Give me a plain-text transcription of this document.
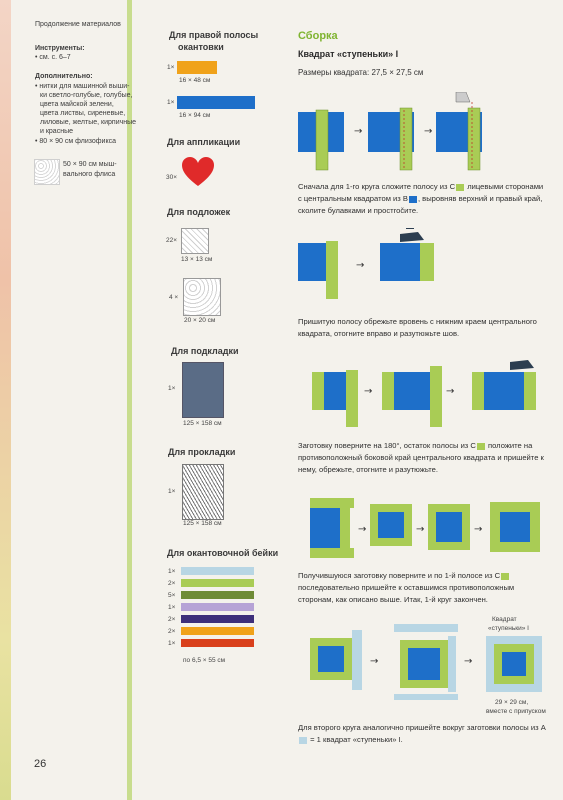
Продолжение материалов
Инструменты:
• см. с. 6–7
Дополнительно:
• нитки для машинной выши-
ки светло-голубые, голубые,
цвета майской зелени,
цвета листвы, сиреневые,
лиловые, желтые, кирпичные
и красные
• 80 × 90 см флизофикса
50 × 90 см мыш-
вального флиса
Для правой полосы
окантовки
1×
16 × 48 см
1×
16 × 94 см
Для аппликации
30×
Для подложек
22×
13 × 13 см
4 ×
20 × 20 см
Для подкладки
1×
125 × 158 см
Для прокладки
1×
125 × 158 см
Для окантовочной бейки
1×
2×
5×
1×
2×
2×
1×
по 6,5 × 55 см
Сборка
Квадрат «ступеньки» I
Размеры квадрата: 27,5 × 27,5 см
→	→
Сначала для 1-го круга сложите полосу из С лицевыми сторонами с центральным квадратом из В , выровняв верхний и правый край, сколите булавками и простročите.
→
Пришитую полосу обрежьте вровень с нижним краем центрального квадрата, отогните вправо и разутюжьте шов.
→	→
Заготовку поверните на 180°, остаток полосы из С положите на противоположный боковой край центрального квадрата и пришейте к нему, обрежьте, отогните и разутюжьте.
→	→	→
Получившуюся заготовку поверните и по 1-й полосе из С последовательно пришейте к оставшимся противоположным сторонам, как описано выше. Итак, 1-й круг закончен.
→	→
Квадрат
«ступеньки» I
29 × 29 см,
вместе с припуском
Для второго круга аналогично пришейте вокруг заготовки полосы из А = 1 квадрат «ступеньки» I.
26
